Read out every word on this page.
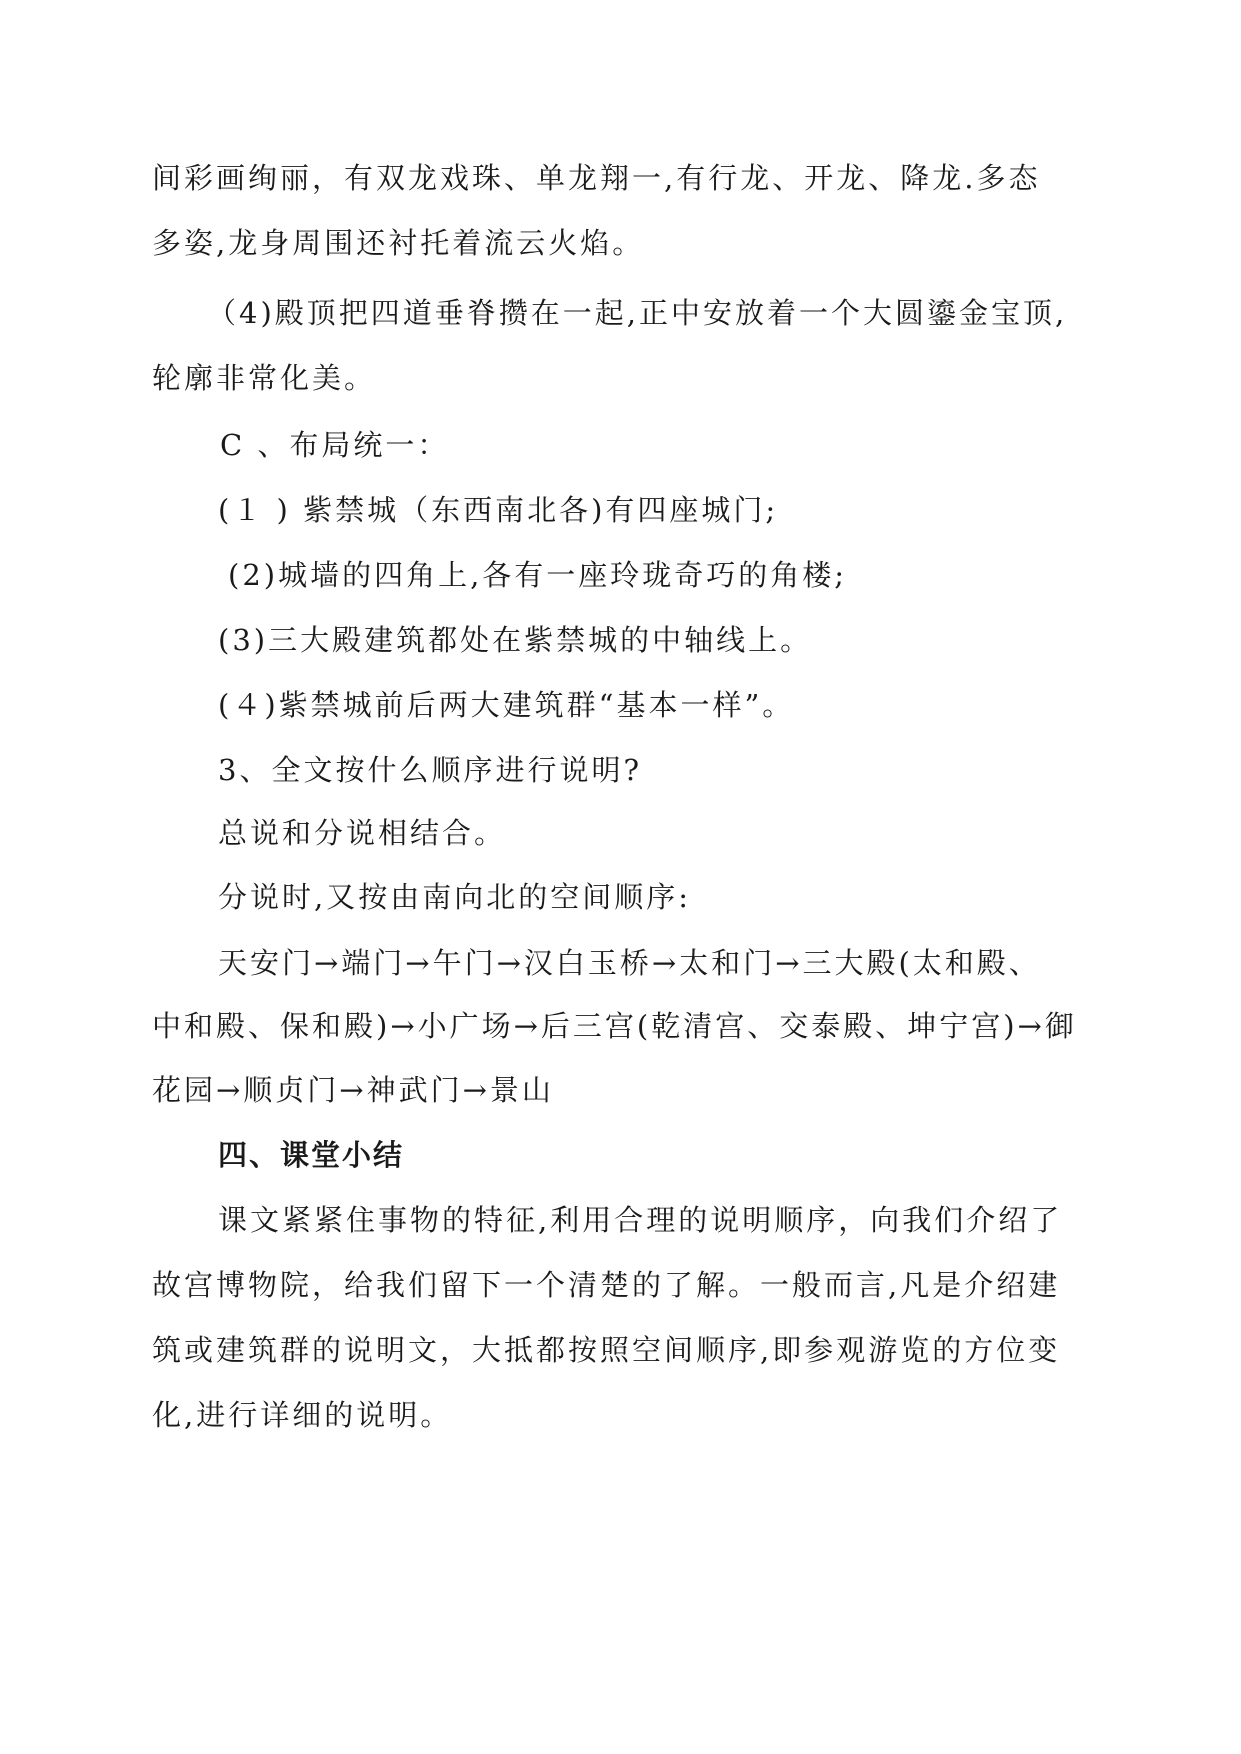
间彩画绚丽，有双龙戏珠、单龙翔一,有行龙、开龙、降龙.多态
多姿,龙身周围还衬托着流云火焰。
（4)殿顶把四道垂脊攒在一起,正中安放着一个大圆鎏金宝顶,
轮廓非常化美。
C 、布局统一：
(１ ) 紫禁城（东西南北各)有四座城门;
(2)城墙的四角上,各有一座玲珑奇巧的角楼;
(3)三大殿建筑都处在紫禁城的中轴线上。
(４)紫禁城前后两大建筑群“基本一样”。
3、全文按什么顺序进行说明?
总说和分说相结合。
分说时,又按由南向北的空间顺序:
天安门→端门→午门→汉白玉桥→太和门→三大殿(太和殿、
中和殿、保和殿)→小广场→后三宫(乾清宫、交泰殿、坤宁宫)→御
花园→顺贞门→神武门→景山
四、课堂小结
课文紧紧住事物的特征,利用合理的说明顺序，向我们介绍了
故宫博物院，给我们留下一个清楚的了解。一般而言,凡是介绍建
筑或建筑群的说明文，大抵都按照空间顺序,即参观游览的方位变
化,进行详细的说明。
